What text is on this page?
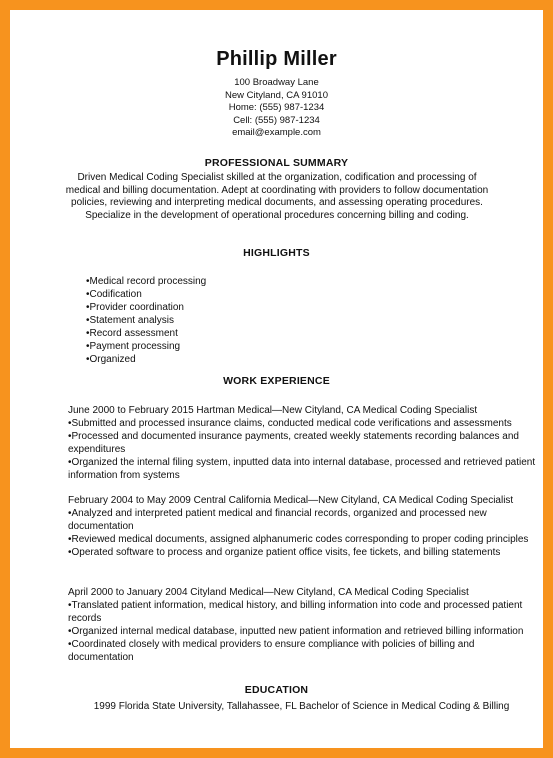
Phillip Miller
100 Broadway Lane
New Cityland, CA 91010
Home: (555) 987-1234
Cell: (555) 987-1234
email@example.com
PROFESSIONAL SUMMARY
Driven Medical Coding Specialist skilled at the organization, codification and processing of medical and billing documentation. Adept at coordinating with providers to follow documentation policies, reviewing and interpreting medical documents, and assessing operating procedures. Specialize in the development of operational procedures concerning billing and coding.
HIGHLIGHTS
•Medical record processing
•Codification
•Provider coordination
•Statement analysis
•Record assessment
•Payment processing
•Organized
WORK EXPERIENCE
June 2000 to February 2015 Hartman Medical—New Cityland, CA Medical Coding Specialist
•Submitted and processed insurance claims, conducted medical code verifications and assessments
•Processed and documented insurance payments, created weekly statements recording balances and expenditures
•Organized the internal filing system, inputted data into internal database, processed and retrieved patient information from systems
February 2004 to May 2009 Central California Medical—New Cityland, CA Medical Coding Specialist
•Analyzed and interpreted patient medical and financial records, organized and processed new documentation
•Reviewed medical documents, assigned alphanumeric codes corresponding to proper coding principles
•Operated software to process and organize patient office visits, fee tickets, and billing statements
April 2000 to January 2004 Cityland Medical—New Cityland, CA Medical Coding Specialist
•Translated patient information, medical history, and billing information into code and processed patient records
•Organized internal medical database, inputted new patient information and retrieved billing information
•Coordinated closely with medical providers to ensure compliance with policies of billing and documentation
EDUCATION
1999 Florida State University, Tallahassee, FL Bachelor of Science in Medical Coding & Billing
